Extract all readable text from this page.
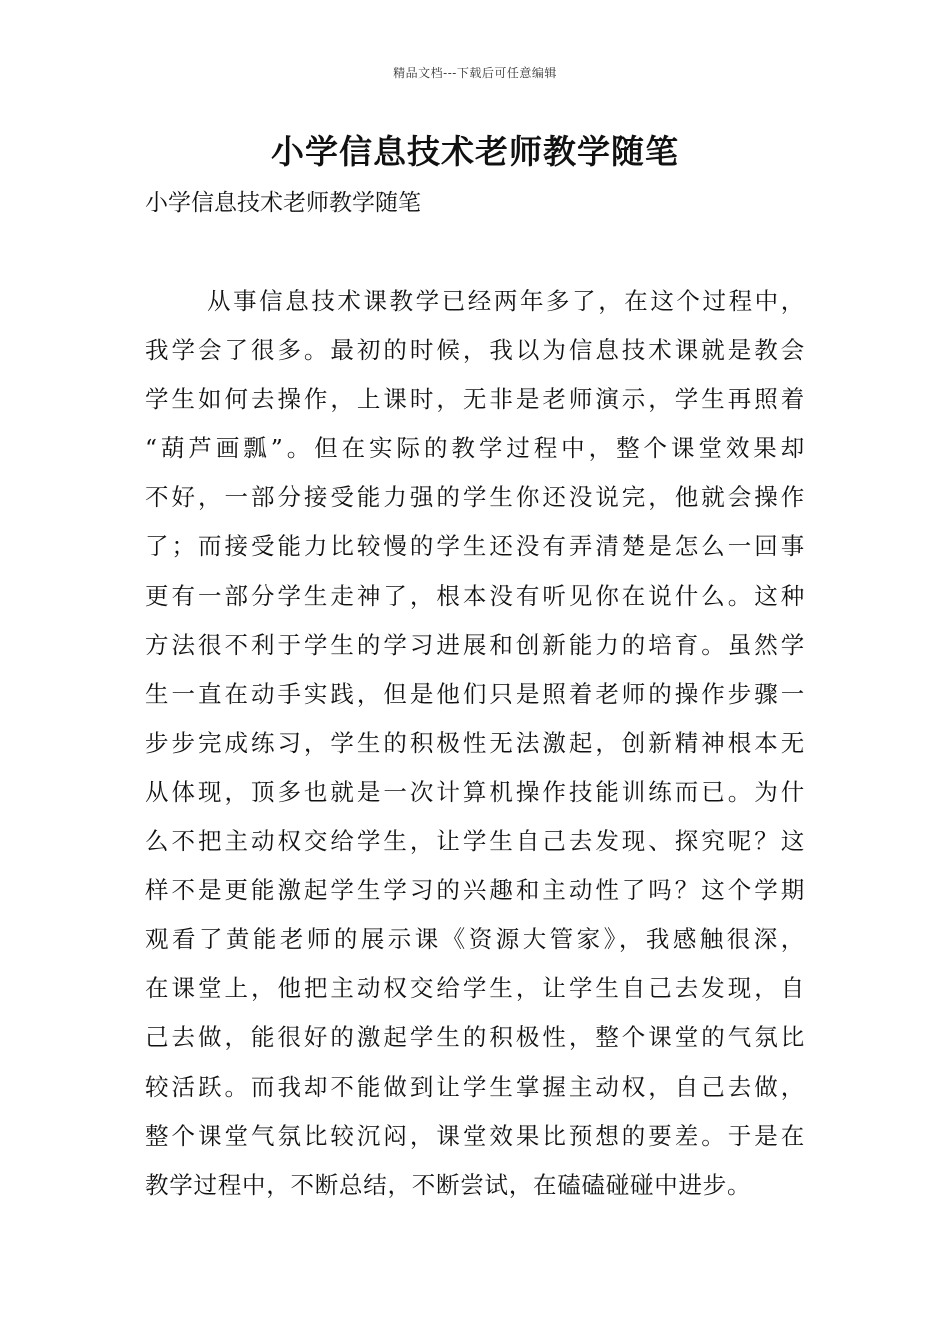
精品文档---下载后可任意编辑
小学信息技术老师教学随笔
小学信息技术老师教学随笔
从事信息技术课教学已经两年多了，在这个过程中，
我学会了很多。最初的时候，我以为信息技术课就是教会
学生如何去操作，上课时，无非是老师演示，学生再照着
“葫芦画瓢”。但在实际的教学过程中，整个课堂效果却
不好，一部分接受能力强的学生你还没说完，他就会操作
了；而接受能力比较慢的学生还没有弄清楚是怎么一回事
更有一部分学生走神了，根本没有听见你在说什么。这种
方法很不利于学生的学习进展和创新能力的培育。虽然学
生一直在动手实践，但是他们只是照着老师的操作步骤一
步步完成练习，学生的积极性无法激起，创新精神根本无
从体现，顶多也就是一次计算机操作技能训练而已。为什
么不把主动权交给学生，让学生自己去发现、探究呢？这
样不是更能激起学生学习的兴趣和主动性了吗？这个学期
观看了黄能老师的展示课《资源大管家》，我感触很深，
在课堂上，他把主动权交给学生，让学生自己去发现，自
己去做，能很好的激起学生的积极性，整个课堂的气氛比
较活跃。而我却不能做到让学生掌握主动权，自己去做，
整个课堂气氛比较沉闷，课堂效果比预想的要差。于是在
教学过程中，不断总结，不断尝试，在磕磕碰碰中进步。
